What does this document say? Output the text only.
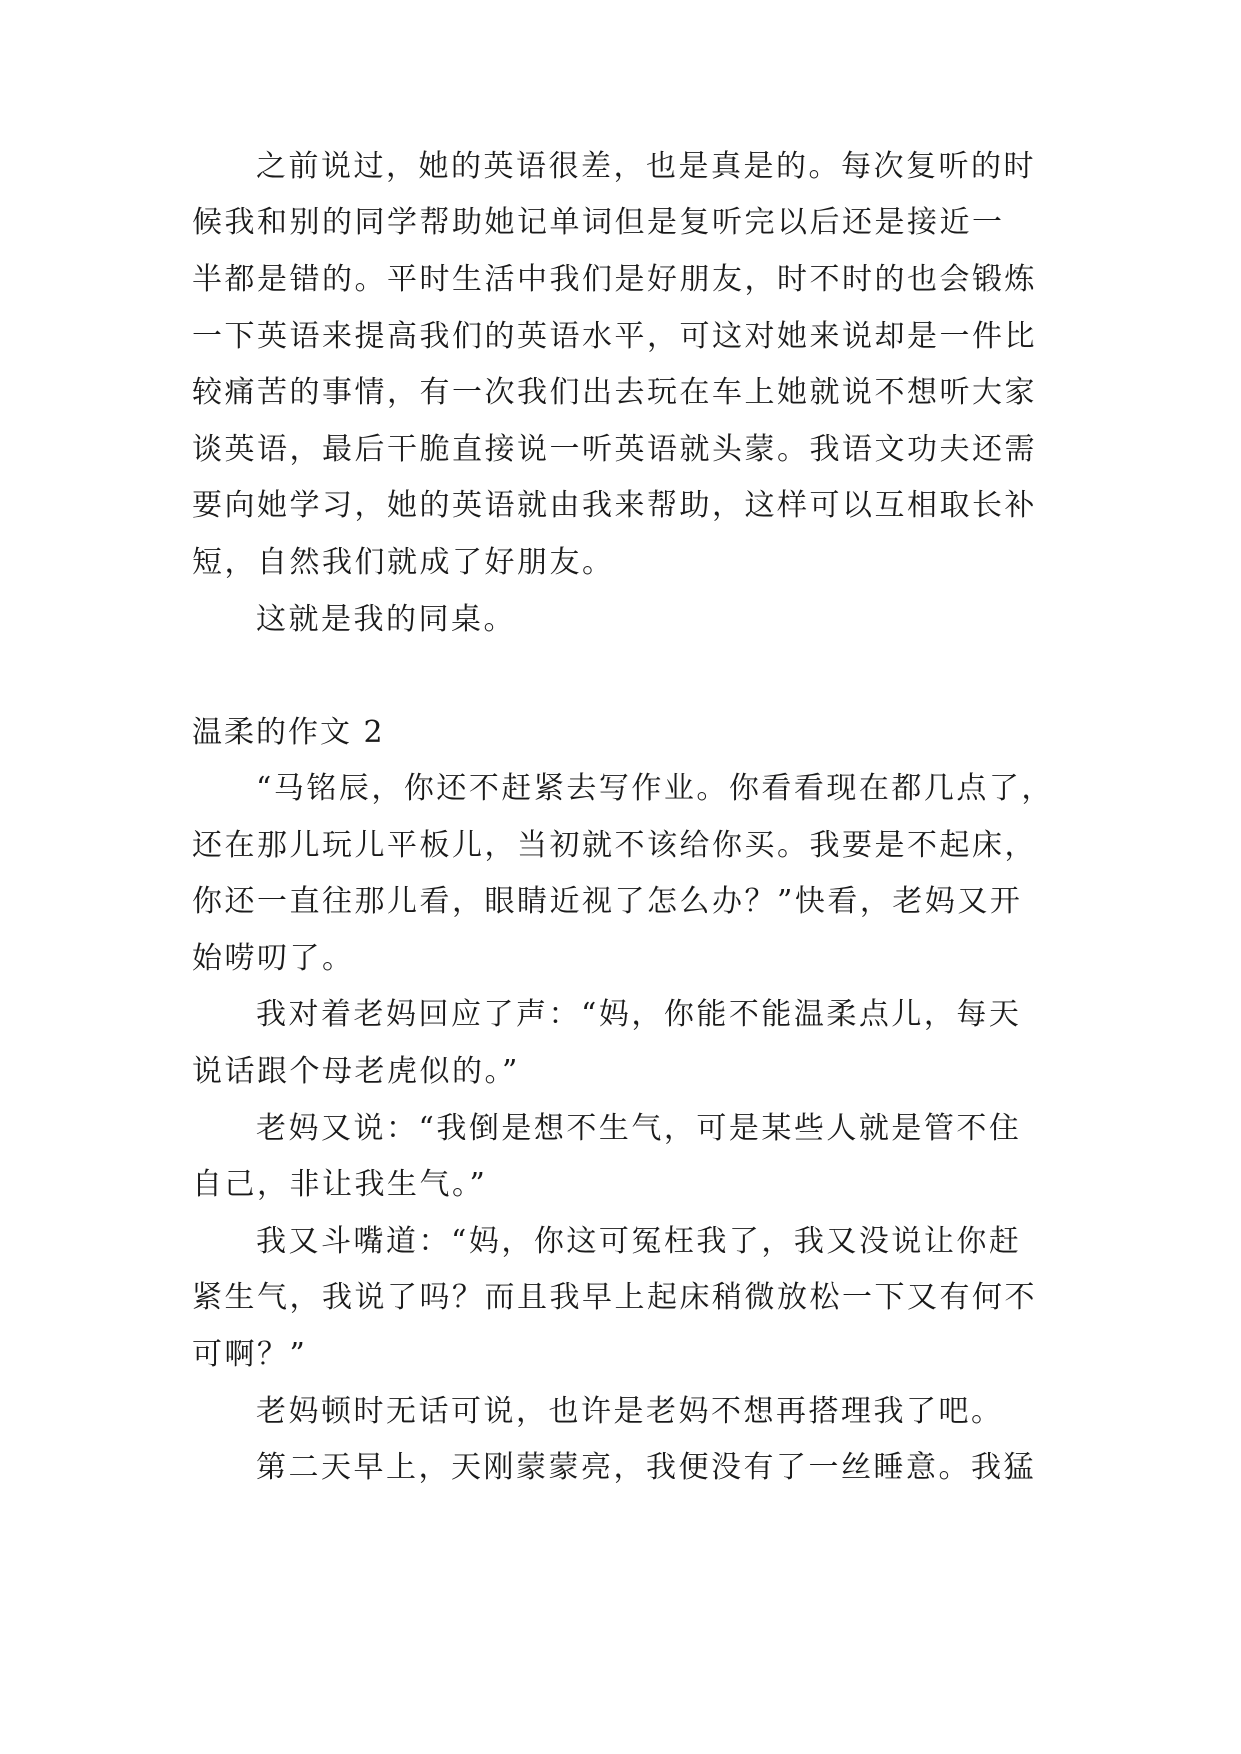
之前说过，她的英语很差，也是真是的。每次复听的时
候我和别的同学帮助她记单词但是复听完以后还是接近一
半都是错的。平时生活中我们是好朋友，时不时的也会锻炼
一下英语来提高我们的英语水平，可这对她来说却是一件比
较痛苦的事情，有一次我们出去玩在车上她就说不想听大家
谈英语，最后干脆直接说一听英语就头蒙。我语文功夫还需
要向她学习，她的英语就由我来帮助，这样可以互相取长补
短，自然我们就成了好朋友。
这就是我的同桌。
温柔的作文 2
“马铭辰，你还不赶紧去写作业。你看看现在都几点了，
还在那儿玩儿平板儿，当初就不该给你买。我要是不起床，
你还一直往那儿看，眼睛近视了怎么办？”快看，老妈又开
始唠叨了。
我对着老妈回应了声：“妈，你能不能温柔点儿，每天
说话跟个母老虎似的。”
老妈又说：“我倒是想不生气，可是某些人就是管不住
自己，非让我生气。”
我又斗嘴道：“妈，你这可冤枉我了，我又没说让你赶
紧生气，我说了吗？而且我早上起床稍微放松一下又有何不
可啊？”
老妈顿时无话可说，也许是老妈不想再搭理我了吧。
第二天早上，天刚蒙蒙亮，我便没有了一丝睡意。我猛
